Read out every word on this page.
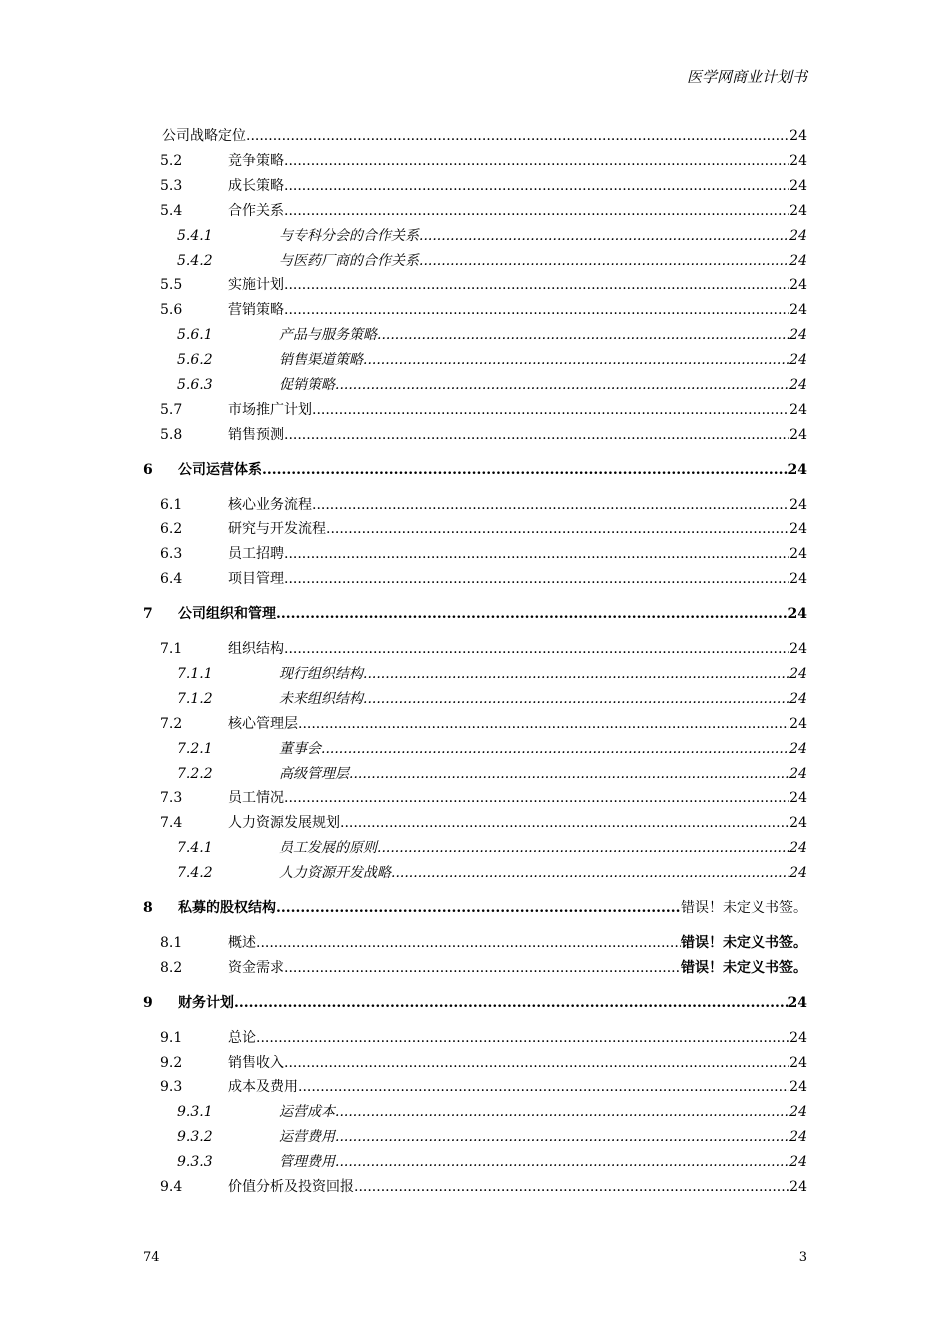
医学网商业计划书
公司战略定位 .....	24
5.2	竞争策略 .....	24
5.3	成长策略 .....	24
5.4	合作关系 .....	24
5.4.1	与专科分会的合作关系 .....	24
5.4.2	与医药厂商的合作关系 .....	24
5.5	实施计划 .....	24
5.6	营销策略 .....	24
5.6.1	产品与服务策略 .....	24
5.6.2	销售渠道策略 .....	24
5.6.3	促销策略 .....	24
5.7	市场推广计划 .....	24
5.8	销售预测 .....	24
6 公司运营体系 .....	24
6.1	核心业务流程 .....	24
6.2	研究与开发流程 .....	24
6.3	员工招聘 .....	24
6.4	项目管理 .....	24
7 公司组织和管理 .....	24
7.1	组织结构 .....	24
7.1.1	现行组织结构 .....	24
7.1.2	未来组织结构 .....	24
7.2	核心管理层 .....	24
7.2.1	董事会 .....	24
7.2.2	高级管理层 .....	24
7.3	员工情况 .....	24
7.4	人力资源发展规划 .....	24
7.4.1	员工发展的原则 .....	24
7.4.2	人力资源开发战略 .....	24
8 私募的股权结构 .....	错误！未定义书签。
8.1	概述 .....	错误！未定义书签。
8.2	资金需求 .....	错误！未定义书签。
9 财务计划 .....	24
9.1	总论 .....	24
9.2	销售收入 .....	24
9.3	成本及费用 .....	24
9.3.1	运营成本 .....	24
9.3.2	运营费用 .....	24
9.3.3	管理费用 .....	24
9.4	价值分析及投资回报 .....	24
74	3
